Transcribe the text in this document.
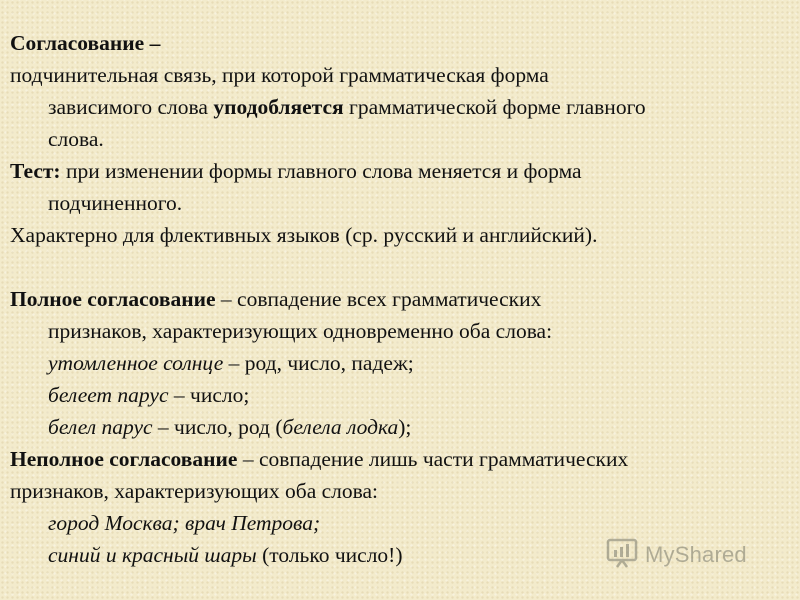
Согласование –
подчинительная связь, при которой грамматическая форма
зависимого слова уподобляется грамматической форме главного
слова.
Тест: при изменении формы главного слова меняется и форма
подчиненного.
Характерно для флективных языков (ср. русский и английский).
Полное согласование – совпадение всех грамматических
признаков, характеризующих одновременно оба слова:
утомленное солнце – род, число, падеж;
белеет парус – число;
белел парус – число, род (белела лодка);
Неполное согласование – совпадение лишь части грамматических
признаков, характеризующих оба слова:
город Москва; врач Петрова;
синий и красный шары (только число!)	MyShared
